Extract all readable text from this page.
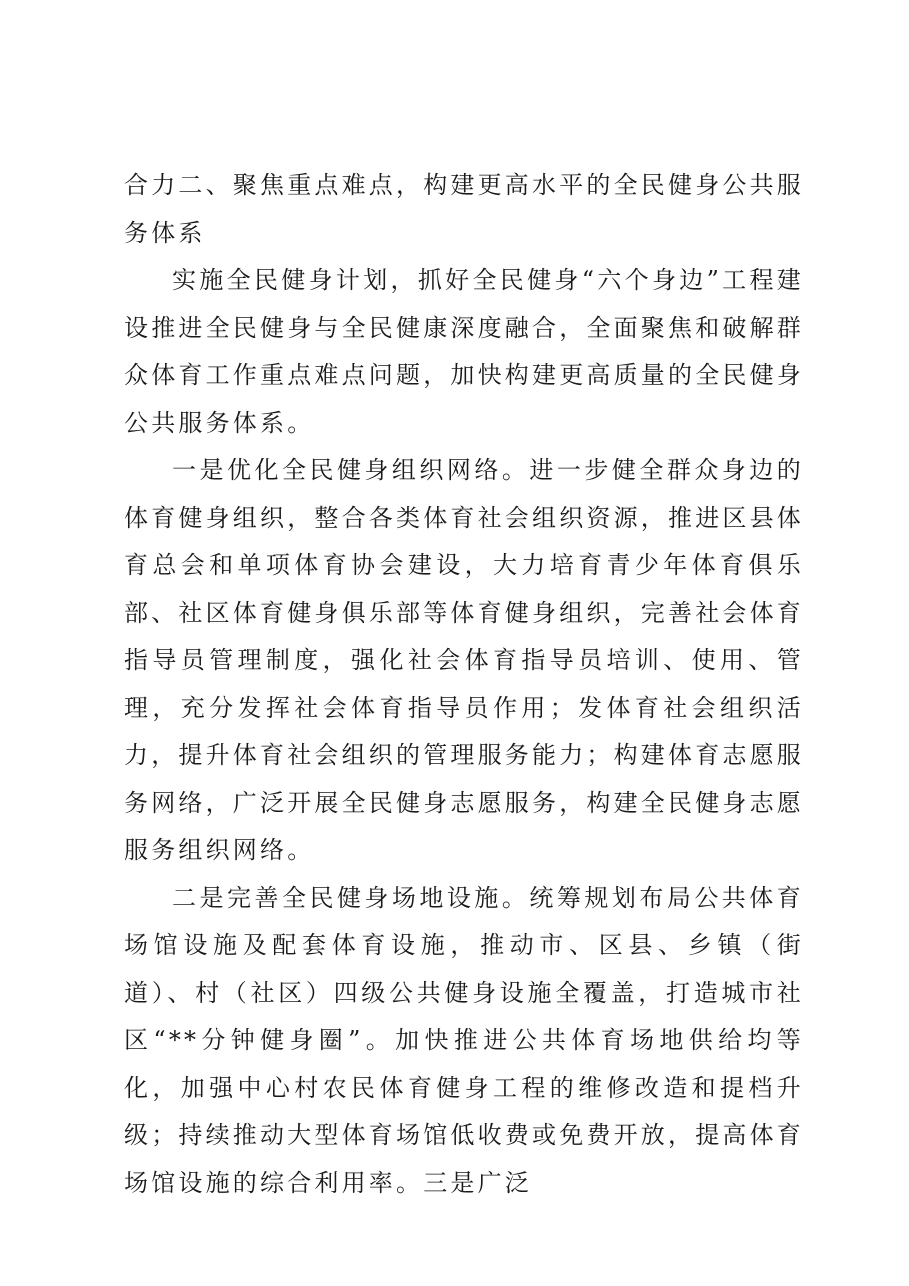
合力二、聚焦重点难点，构建更高水平的全民健身公共服务体系

实施全民健身计划，抓好全民健身“六个身边”工程建设推进全民健身与全民健康深度融合，全面聚焦和破解群众体育工作重点难点问题，加快构建更高质量的全民健身公共服务体系。

一是优化全民健身组织网络。进一步健全群众身边的体育健身组织，整合各类体育社会组织资源，推进区县体育总会和单项体育协会建设，大力培育青少年体育俱乐部、社区体育健身俱乐部等体育健身组织，完善社会体育指导员管理制度，强化社会体育指导员培训、使用、管理，充分发挥社会体育指导员作用；发体育社会组织活力，提升体育社会组织的管理服务能力；构建体育志愿服务网络，广泛开展全民健身志愿服务，构建全民健身志愿服务组织网络。

二是完善全民健身场地设施。统筹规划布局公共体育场馆设施及配套体育设施，推动市、区县、乡镇（街道）、村（社区）四级公共健身设施全覆盖，打造城市社区“**分钟健身圈”。加快推进公共体育场地供给均等化，加强中心村农民体育健身工程的维修改造和提档升级；持续推动大型体育场馆低收费或免费开放，提高体育场馆设施的综合利用率。三是广泛
